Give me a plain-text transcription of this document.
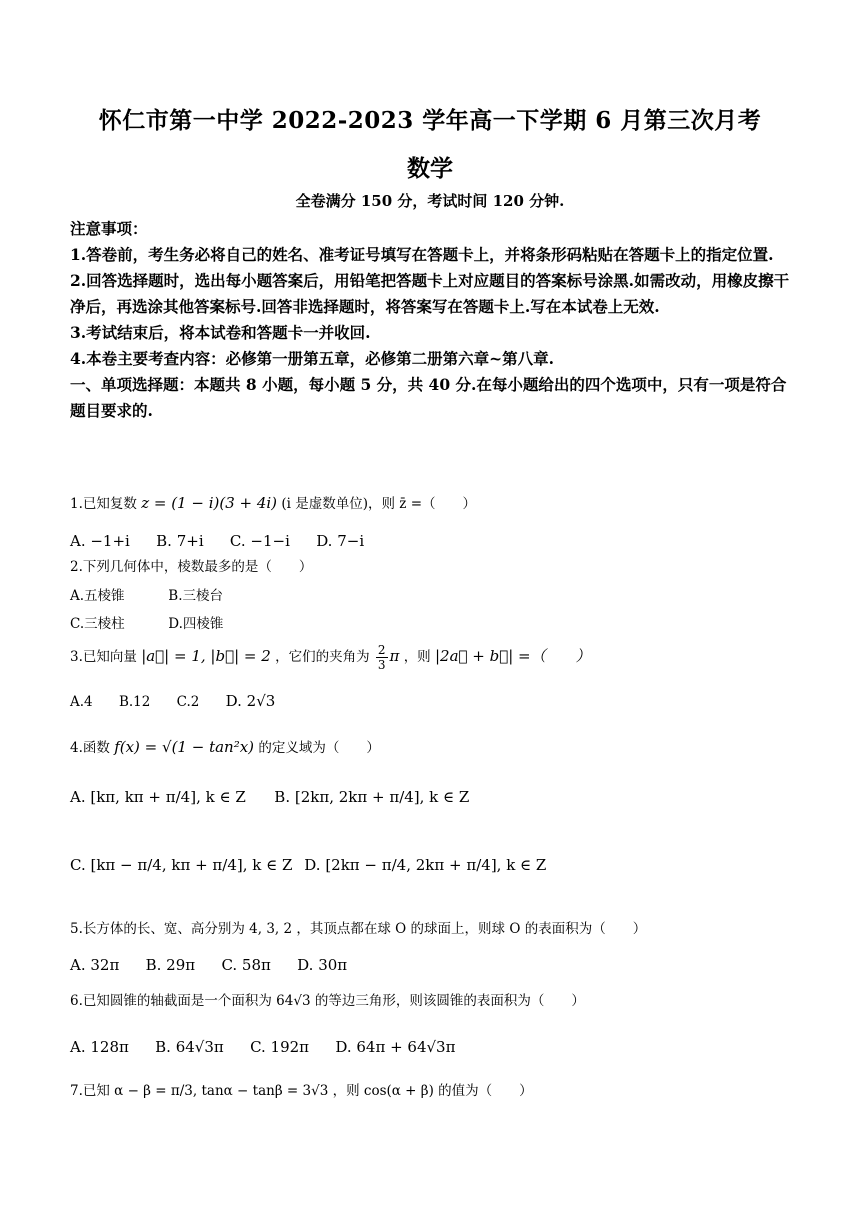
怀仁市第一中学 2022-2023 学年高一下学期 6 月第三次月考
数学
全卷满分 150 分，考试时间 120 分钟.

注意事项：

1.答卷前，考生务必将自己的姓名、准考证号填写在答题卡上，并将条形码粘贴在答题卡上的指定位置.

2.回答选择题时，选出每小题答案后，用铅笔把答题卡上对应题目的答案标号涂黑.如需改动，用橡皮擦干净后，再选涂其他答案标号.回答非选择题时，将答案写在答题卡上.写在本试卷上无效.

3.考试结束后，将本试卷和答题卡一并收回.

4.本卷主要考查内容：必修第一册第五章，必修第二册第六章~第八章.

一、单项选择题：本题共 8 小题，每小题 5 分，共 40 分.在每小题给出的四个选项中，只有一项是符合题目要求的.

1.已知复数 z = (1 − i)(3 + 4i) (i 是虚数单位)，则 z̄ =（　　）
A. −1+i B. 7+i C. −1−i D. 7−i
2.下列几何体中，棱数最多的是（　　）
A.五棱锥	B.三棱台
C.三棱柱	D.四棱锥
3.已知向量 |a⃗| = 1, |b⃗| = 2 ，它们的夹角为 $\frac{2}{3}$ π ，则 |2a⃗ + b⃗| =（　　）
A.4 B.12 C.2 D. 2√3
4.函数 f(x) = √(1 − tan²x) 的定义域为（　　）
A. [kπ, kπ + π/4], k ∈ Z B. [2kπ, 2kπ + π/4], k ∈ Z
C. [kπ − π/4, kπ + π/4], k ∈ Z D. [2kπ − π/4, 2kπ + π/4], k ∈ Z
5.长方体的长、宽、高分别为 4, 3, 2 ，其顶点都在球 O 的球面上，则球 O 的表面积为（　　）
A. 32π B. 29π C. 58π D. 30π
6.已知圆锥的轴截面是一个面积为 64√3 的等边三角形，则该圆锥的表面积为（　　）
A. 128π B. 64√3π C. 192π D. 64π + 64√3π
7.已知 α − β = π/3, tanα − tanβ = 3√3 ，则 cos(α + β) 的值为（　　）
